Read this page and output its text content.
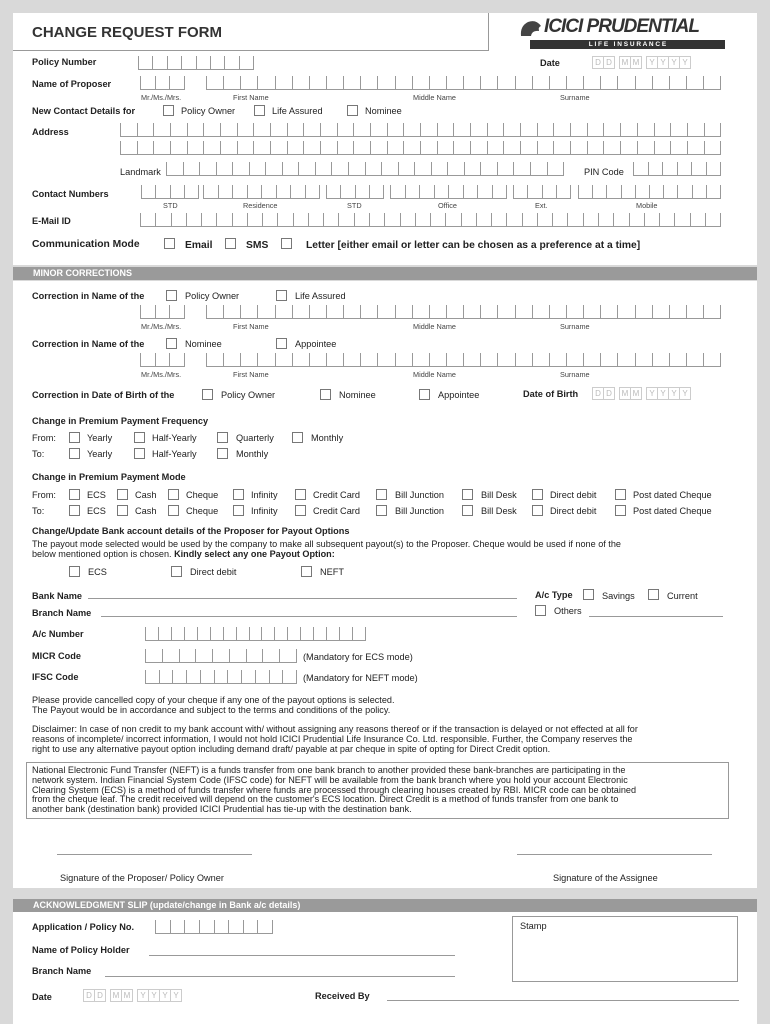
CHANGE REQUEST FORM	ICICI PRUDENTIAL
L I F E   I N S U R A N C E
Policy Number	Date	D D	M M	Y Y Y Y
Name of Proposer
Mr./Ms./Mrs.	First Name	Middle Name	Surname
New Contact Details for	Policy Owner	Life Assured	Nominee
Address
Landmark	PIN Code
Contact Numbers
STD	Residence	STD	Office	Ext.	Mobile
E-Mail ID
Communication Mode	Email	SMS	Letter [either email or letter can be chosen as a preference at a time]
MINOR CORRECTIONS
Correction in Name of the	Policy Owner	Life Assured
Mr./Ms./Mrs.	First Name	Middle Name	Surname
Correction in Name of the	Nominee	Appointee
Mr./Ms./Mrs.	First Name	Middle Name	Surname
Correction in Date of Birth of the	Policy Owner	Nominee	Appointee	Date of Birth	D D	M M	Y Y Y Y
Change in Premium Payment Frequency
From:	Yearly	Half-Yearly	Quarterly	Monthly
To:	Yearly	Half-Yearly	Monthly
Change in Premium Payment Mode
From:	ECS	Cash	Cheque	Infinity	Credit Card	Bill Junction	Bill Desk	Direct debit	Post dated Cheque
To:	ECS	Cash	Cheque	Infinity	Credit Card	Bill Junction	Bill Desk	Direct debit	Post dated Cheque
Change/Update Bank account details of the Proposer for Payout Options
The payout mode selected would be used by the company to make all subsequent payout(s) to the Proposer. Cheque would be used if none of the
below mentioned option is chosen. Kindly select any one Payout Option:
ECS	Direct debit	NEFT
Bank Name
Branch Name
A/c Type	Savings	Current
Others
A/c Number
MICR Code	(Mandatory for ECS mode)
IFSC Code	(Mandatory for NEFT mode)
Please provide cancelled copy of your cheque if any one of the payout options is selected.
The Payout would be in accordance and subject to the terms and conditions of the policy.
Disclaimer: In case of non credit to my bank account with/ without assigning any reasons thereof or if the transaction is delayed or not effected at all for
reasons of incomplete/ incorrect information, I would not hold ICICI Prudential Life Insurance Co. Ltd. responsible. Further, the Company reserves the
right to use any alternative payout option including demand draft/ payable at par cheque in spite of opting for Direct Credit option.
National Electronic Fund Transfer (NEFT) is a funds transfer from one bank branch to another provided these bank-branches are participating in the
network system. Indian Financial System Code (IFSC code) for NEFT will be available from the bank branch where you hold your account Electronic
Clearing System (ECS) is a method of funds transfer where funds are processed through clearing houses created by RBI. MICR code can be obtained
from the cheque leaf. The credit received will depend on the customer's ECS location. Direct Credit is a method of funds transfer from one bank to
another bank (destination bank) provided ICICI Prudential has tie-up with the destination bank.
Signature of the Proposer/ Policy Owner	Signature of the Assignee
ACKNOWLEDGMENT SLIP (update/change in Bank a/c details)
Application / Policy No.
Name of Policy Holder
Branch Name
Date	D D	M M	Y Y Y Y	Received By
Stamp
